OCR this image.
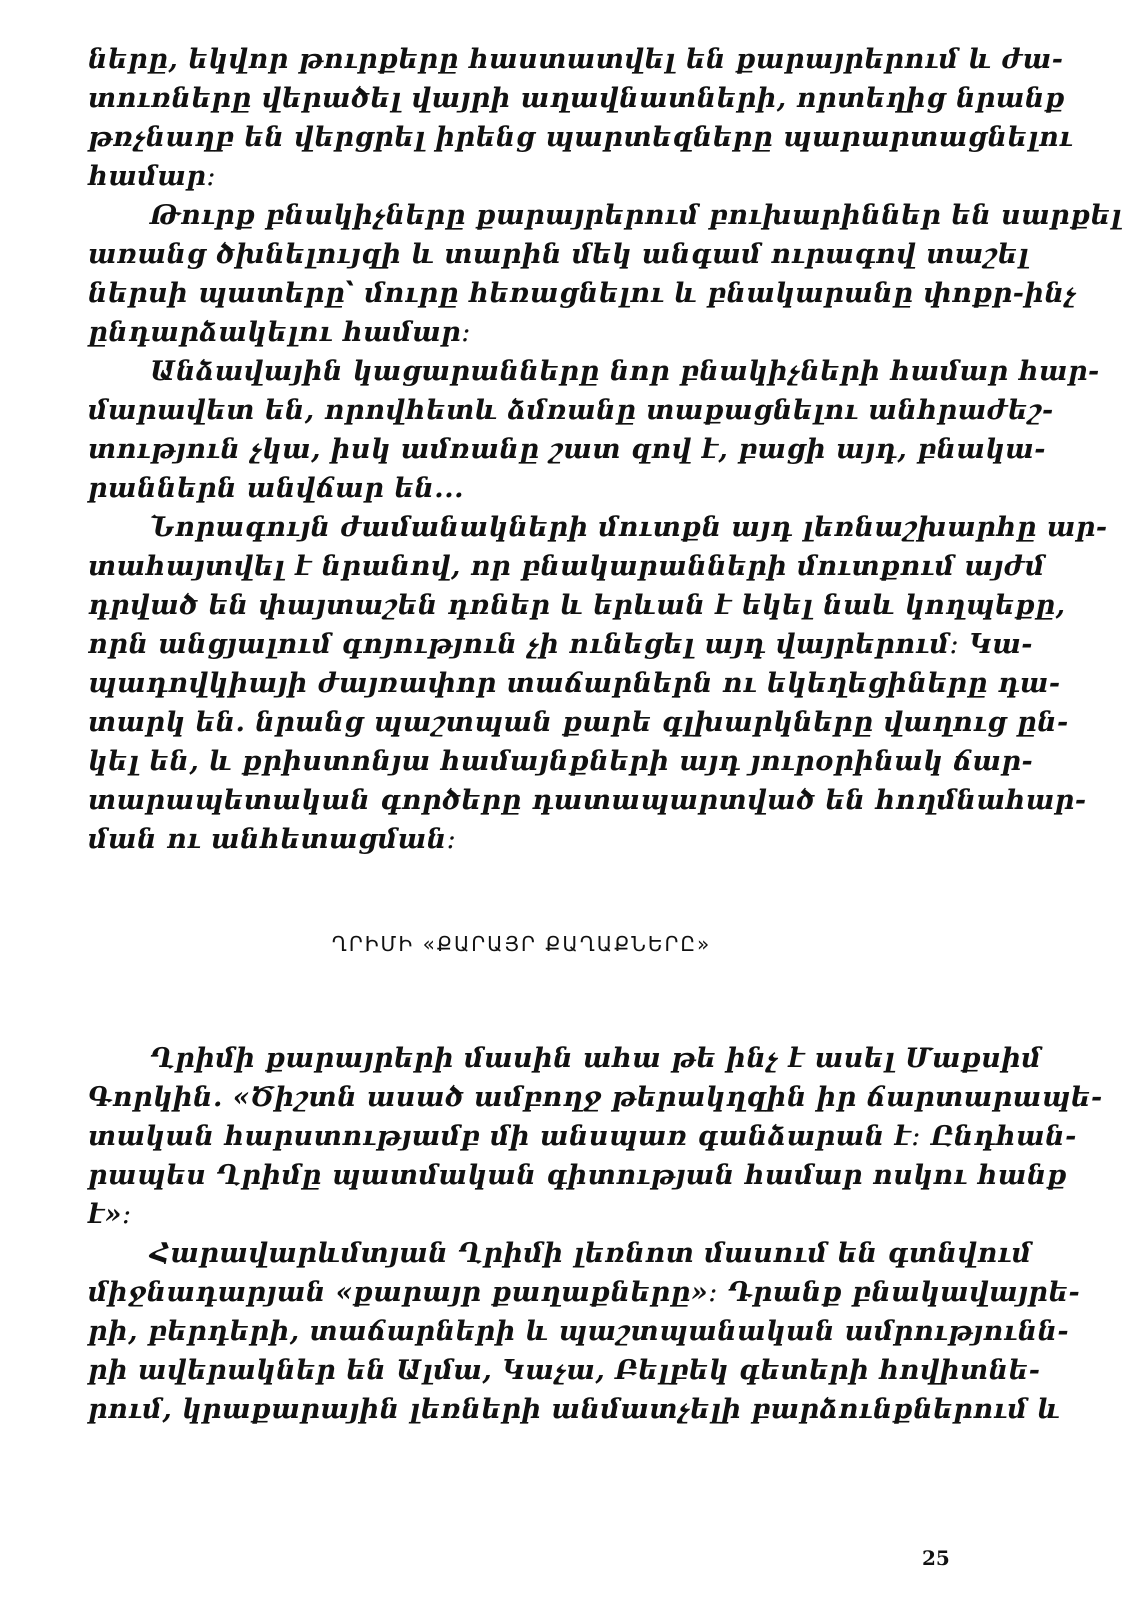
ները, եկվոր թուրքերը հաստատվել են քարայրերում և ժա-
տուռները վերածել վայրի աղավնատների, որտեղից նրանք
թռչնաղբ են վերցրել իրենց պարտեզները պարարտացնելու
համար։
Թուրք բնակիչները քարայրերում բուխարիններ են սարքել
առանց ծխնելույզի և տարին մեկ անգամ ուրագով տաշել
ներսի պատերը՝ մուրը հեռացնելու և բնակարանը փոքր-ինչ
ընդարձակելու համար։
Անձավային կացարանները նոր բնակիչների համար հար-
մարավետ են, որովհետև ձմռանը տաքացնելու անհրաժեշ-
տություն չկա, իսկ ամռանը շատ զով է, բացի այդ, բնակա-
րաններն անվճար են...
Նորագույն ժամանակների մուտքն այդ լեռնաշխարհը ար-
տահայտվել է նրանով, որ բնակարանների մուտքում այժմ
դրված են փայտաշեն դռներ և երևան է եկել նաև կողպեքը,
որն անցյալում գոյություն չի ունեցել այդ վայրերում։ Կա-
պադովկիայի ժայռափոր տաճարներն ու եկեղեցիները դա-
տարկ են. նրանց պաշտպան քարե գլխարկները վաղուց ըն-
կել են, և քրիստոնյա համայնքների այդ յուրօրինակ ճար-
տարապետական գործերը դատապարտված են հողմնահար-
ման ու անհետացման։
ՂՐԻՄԻ «ՔԱՐԱՅՐ ՔԱՂԱՔՆԵՐԸ»
Ղրիմի քարայրերի մասին ահա թե ինչ է ասել Մաքսիմ
Գորկին. «Ծիշտն ասած ամբողջ թերակղզին իր ճարտարապե-
տական հարստությամբ մի անսպառ գանձարան է։ Ընդհան-
րապես Ղրիմը պատմական գիտության համար ոսկու հանք
է»։
Հարավարևմտյան Ղրիմի լեռնոտ մասում են գտնվում
միջնադարյան «քարայր քաղաքները»։ Դրանք բնակավայրե-
րի, բերդերի, տաճարների և պաշտպանական ամրությունն-
րի ավերակներ են Ալմա, Կաչա, Բելբեկ գետերի հովիտնե-
րում, կրաքարային լեռների անմատչելի բարձունքներում և
25
